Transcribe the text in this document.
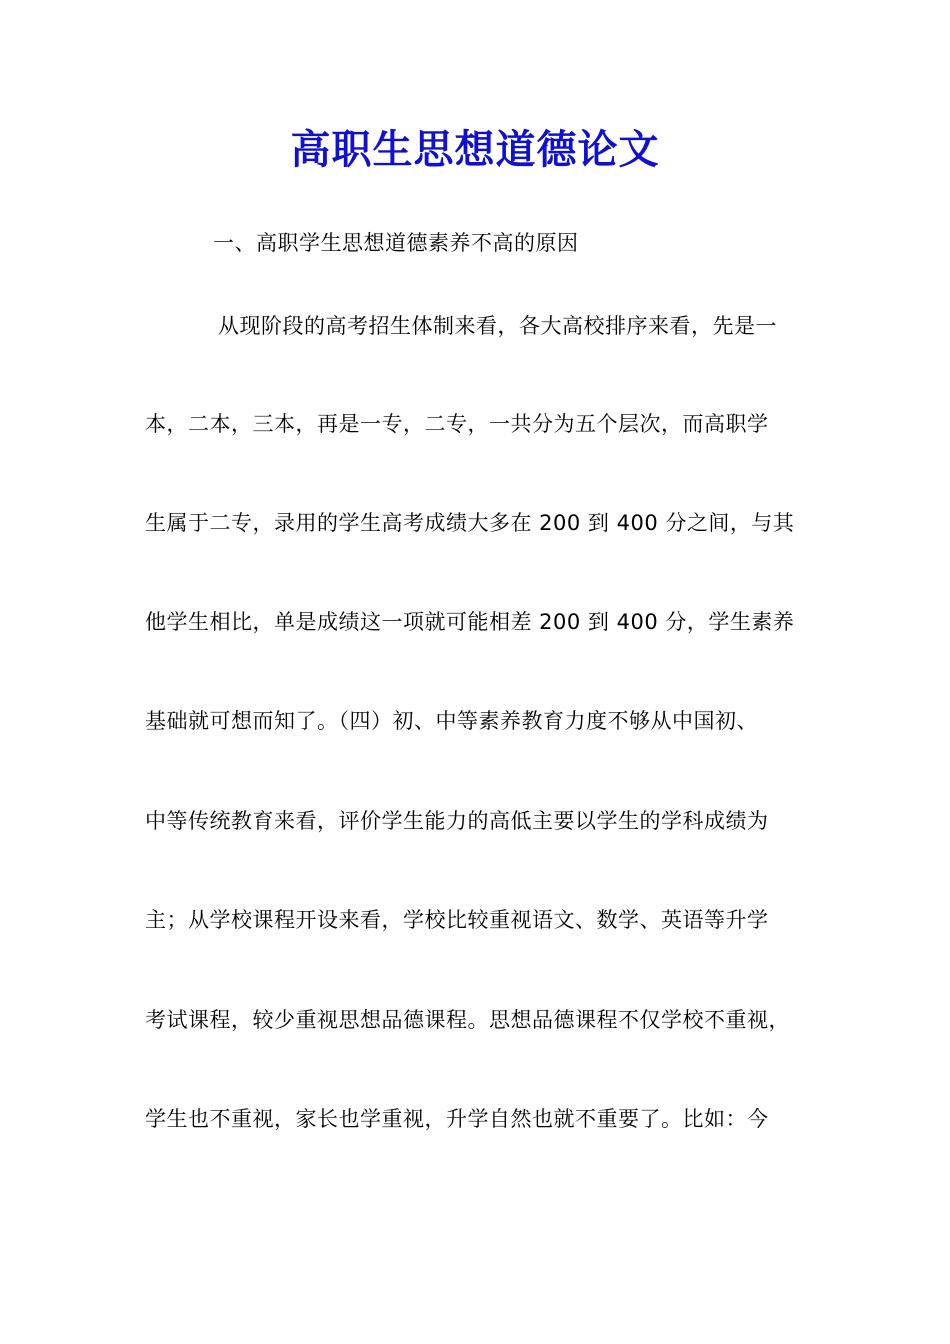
高职生思想道德论文
一、高职学生思想道德素养不高的原因
从现阶段的高考招生体制来看，各大高校排序来看，先是一
本，二本，三本，再是一专，二专，一共分为五个层次，而高职学
生属于二专，录用的学生高考成绩大多在 200 到 400 分之间，与其
他学生相比，单是成绩这一项就可能相差 200 到 400 分，学生素养
基础就可想而知了。（四）初、中等素养教育力度不够从中国初、
中等传统教育来看，评价学生能力的高低主要以学生的学科成绩为
主；从学校课程开设来看，学校比较重视语文、数学、英语等升学
考试课程，较少重视思想品德课程。思想品德课程不仅学校不重视，
学生也不重视，家长也学重视，升学自然也就不重要了。比如：今
